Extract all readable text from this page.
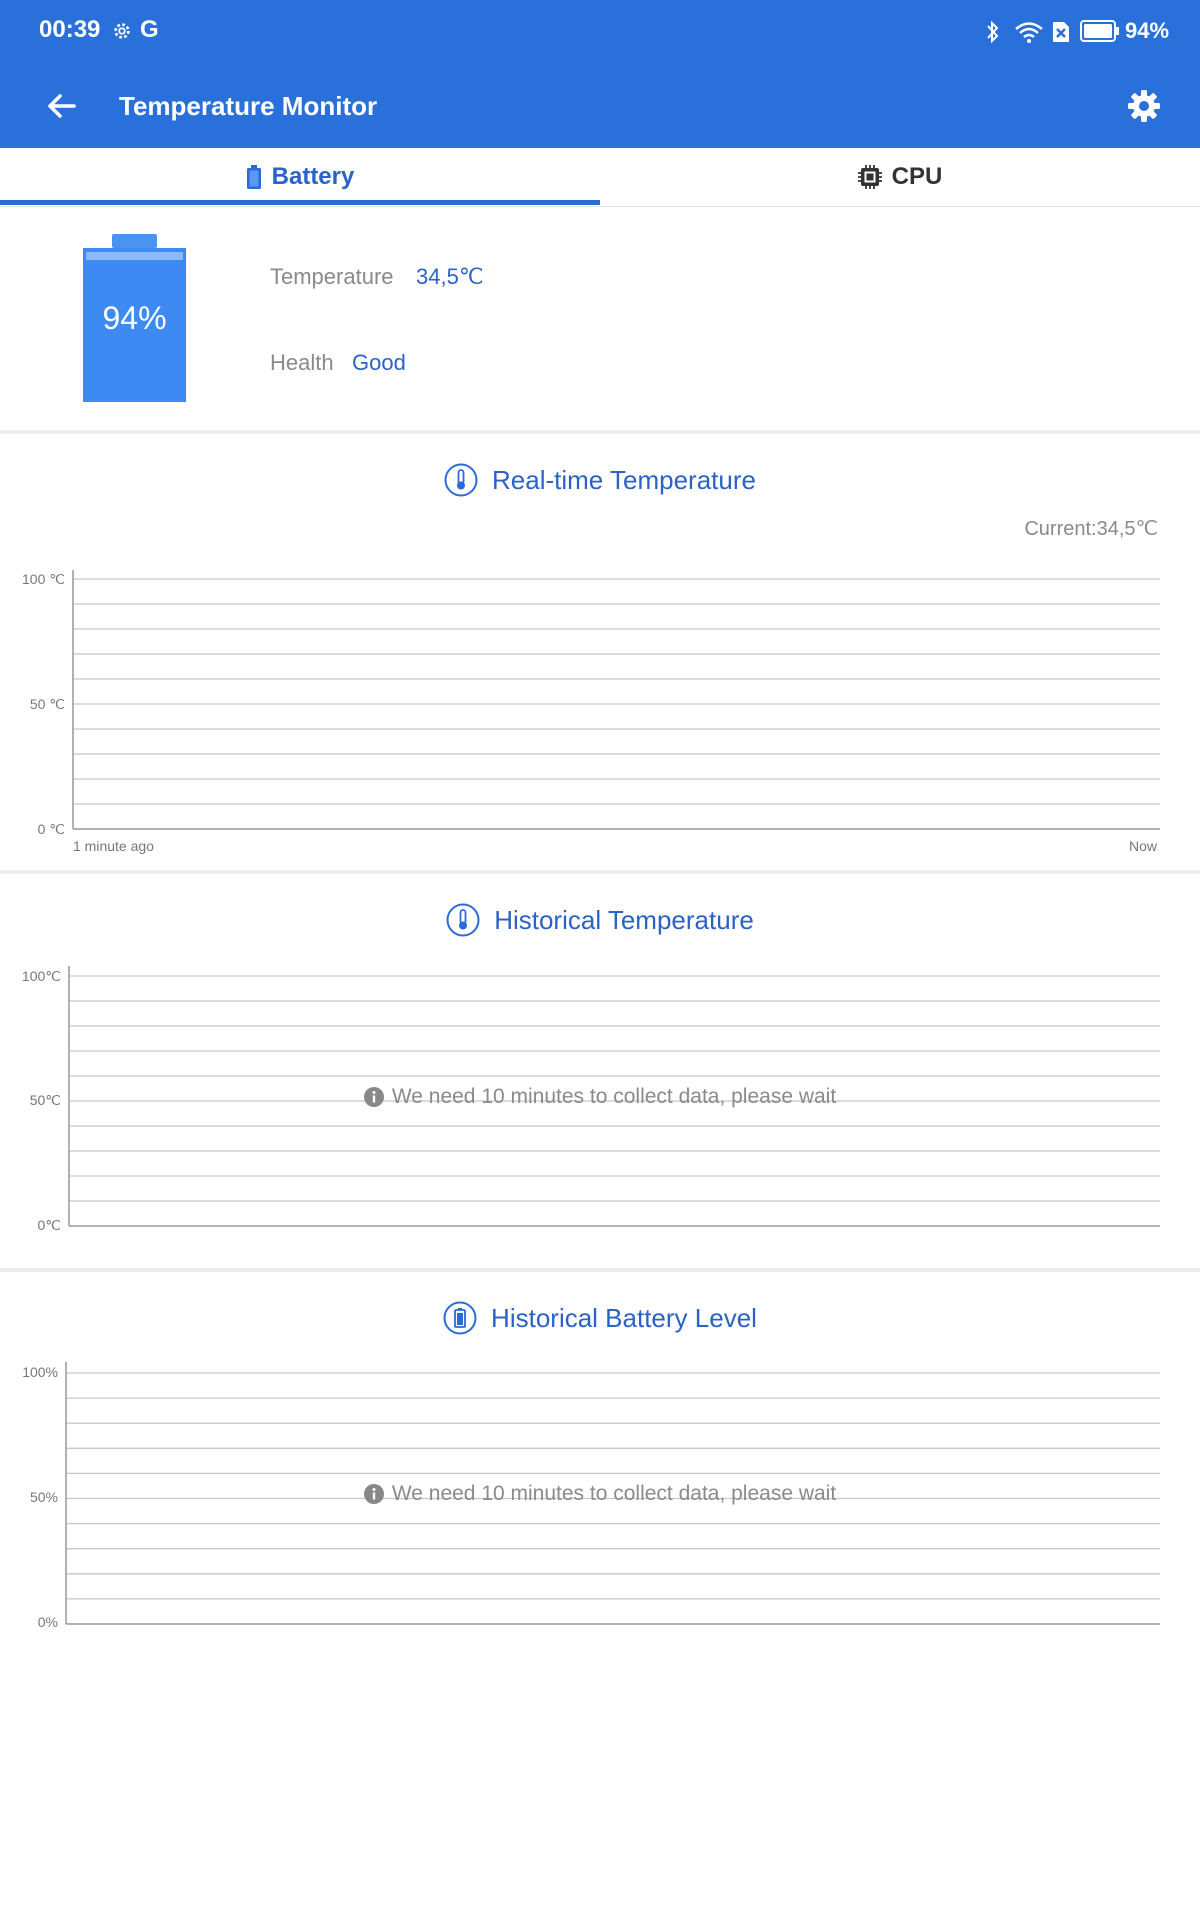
00:39 G	94%
Temperature Monitor
Battery	CPU
94%
Temperature 34,5℃
Health Good
Real-time Temperature
Current:34,5℃
100 ℃
50 ℃
0 ℃
1 minute ago	Now
Historical Temperature
100℃
50℃
0℃
We need 10 minutes to collect data, please wait
Historical Battery Level
100%
50%
0%
We need 10 minutes to collect data, please wait
